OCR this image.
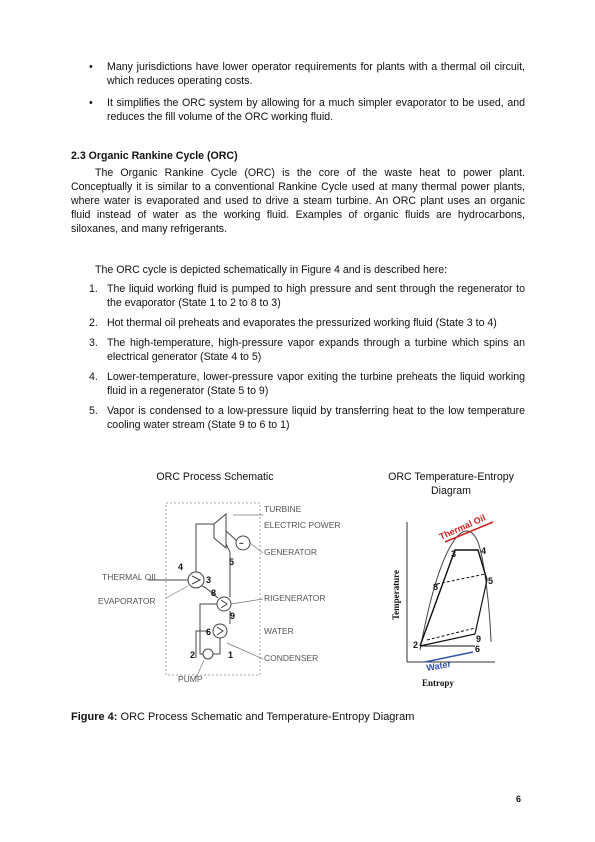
• Many jurisdictions have lower operator requirements for plants with a thermal oil circuit, which reduces operating costs.
• It simplifies the ORC system by allowing for a much simpler evaporator to be used, and reduces the fill volume of the ORC working fluid.
2.3 Organic Rankine Cycle (ORC)

The Organic Rankine Cycle (ORC) is the core of the waste heat to power plant. Conceptually it is similar to a conventional Rankine Cycle used at many thermal power plants, where water is evaporated and used to drive a steam turbine. An ORC plant uses an organic fluid instead of water as the working fluid. Examples of organic fluids are hydrocarbons, siloxanes, and many refrigerants.

The ORC cycle is depicted schematically in Figure 4 and is described here:

1. The liquid working fluid is pumped to high pressure and sent through the regenerator to the evaporator (State 1 to 2 to 8 to 3)
2. Hot thermal oil preheats and evaporates the pressurized working fluid (State 3 to 4)
3. The high-temperature, high-pressure vapor expands through a turbine which spins an electrical generator (State 4 to 5)
4. Lower-temperature, lower-pressure vapor exiting the turbine preheats the liquid working fluid in a regenerator (State 5 to 9)
5. Vapor is condensed to a low-pressure liquid by transferring heat to the low temperature cooling water stream (State 9 to 6 to 1)
ORC Process Schematic	ORC Temperature-Entropy Diagram
~
TURBINE
ELECTRIC POWER
GENERATOR
THERMAL OIL
EVAPORATOR	RIGENERATOR
WATER
CONDENSER
PUMP
4	5
3
8
9
6
2	1
Thermal Oil
Water
3	4
5
8
9
6
2
Temperature
Entropy
Figure 4: ORC Process Schematic and Temperature-Entropy Diagram
6
